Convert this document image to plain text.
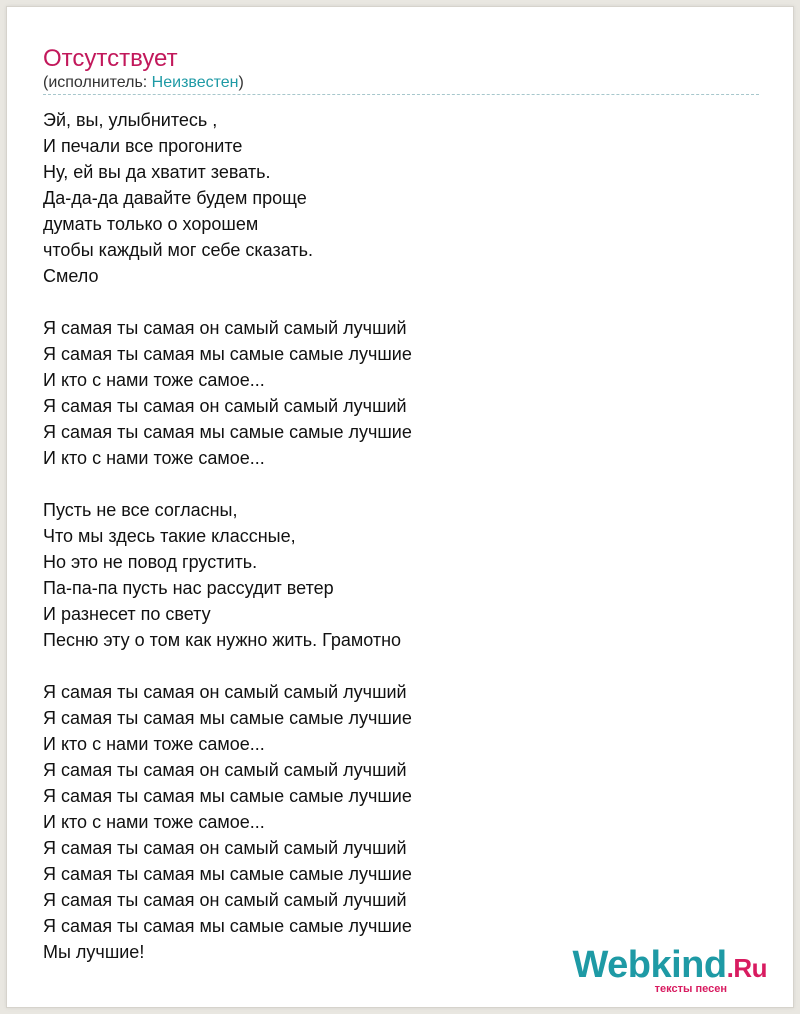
Отсутствует
(исполнитель: Неизвестен)
Эй, вы, улыбнитесь ,
И печали все прогоните
Ну, ей вы да хватит зевать.
Да-да-да давайте будем проще
думать только о хорошем
чтобы каждый мог себе сказать.
Смело
Я самая ты самая он самый самый лучший
Я самая ты самая мы самые самые лучшие
И кто с нами тоже самое...
Я самая ты самая он самый самый лучший
Я самая ты самая мы самые самые лучшие
И кто с нами тоже самое...
Пусть не все согласны,
Что мы здесь такие классные,
Но это не повод грустить.
Па-па-па пусть нас рассудит ветер
И разнесет по свету
Песню эту о том как нужно жить. Грамотно
Я самая ты самая он самый самый лучший
Я самая ты самая мы самые самые лучшие
И кто с нами тоже самое...
Я самая ты самая он самый самый лучший
Я самая ты самая мы самые самые лучшие
И кто с нами тоже самое...
Я самая ты самая он самый самый лучший
Я самая ты самая мы самые самые лучшие
Я самая ты самая он самый самый лучший
Я самая ты самая мы самые самые лучшие
Мы лучшие!	Webkind.Ru
тексты песен
